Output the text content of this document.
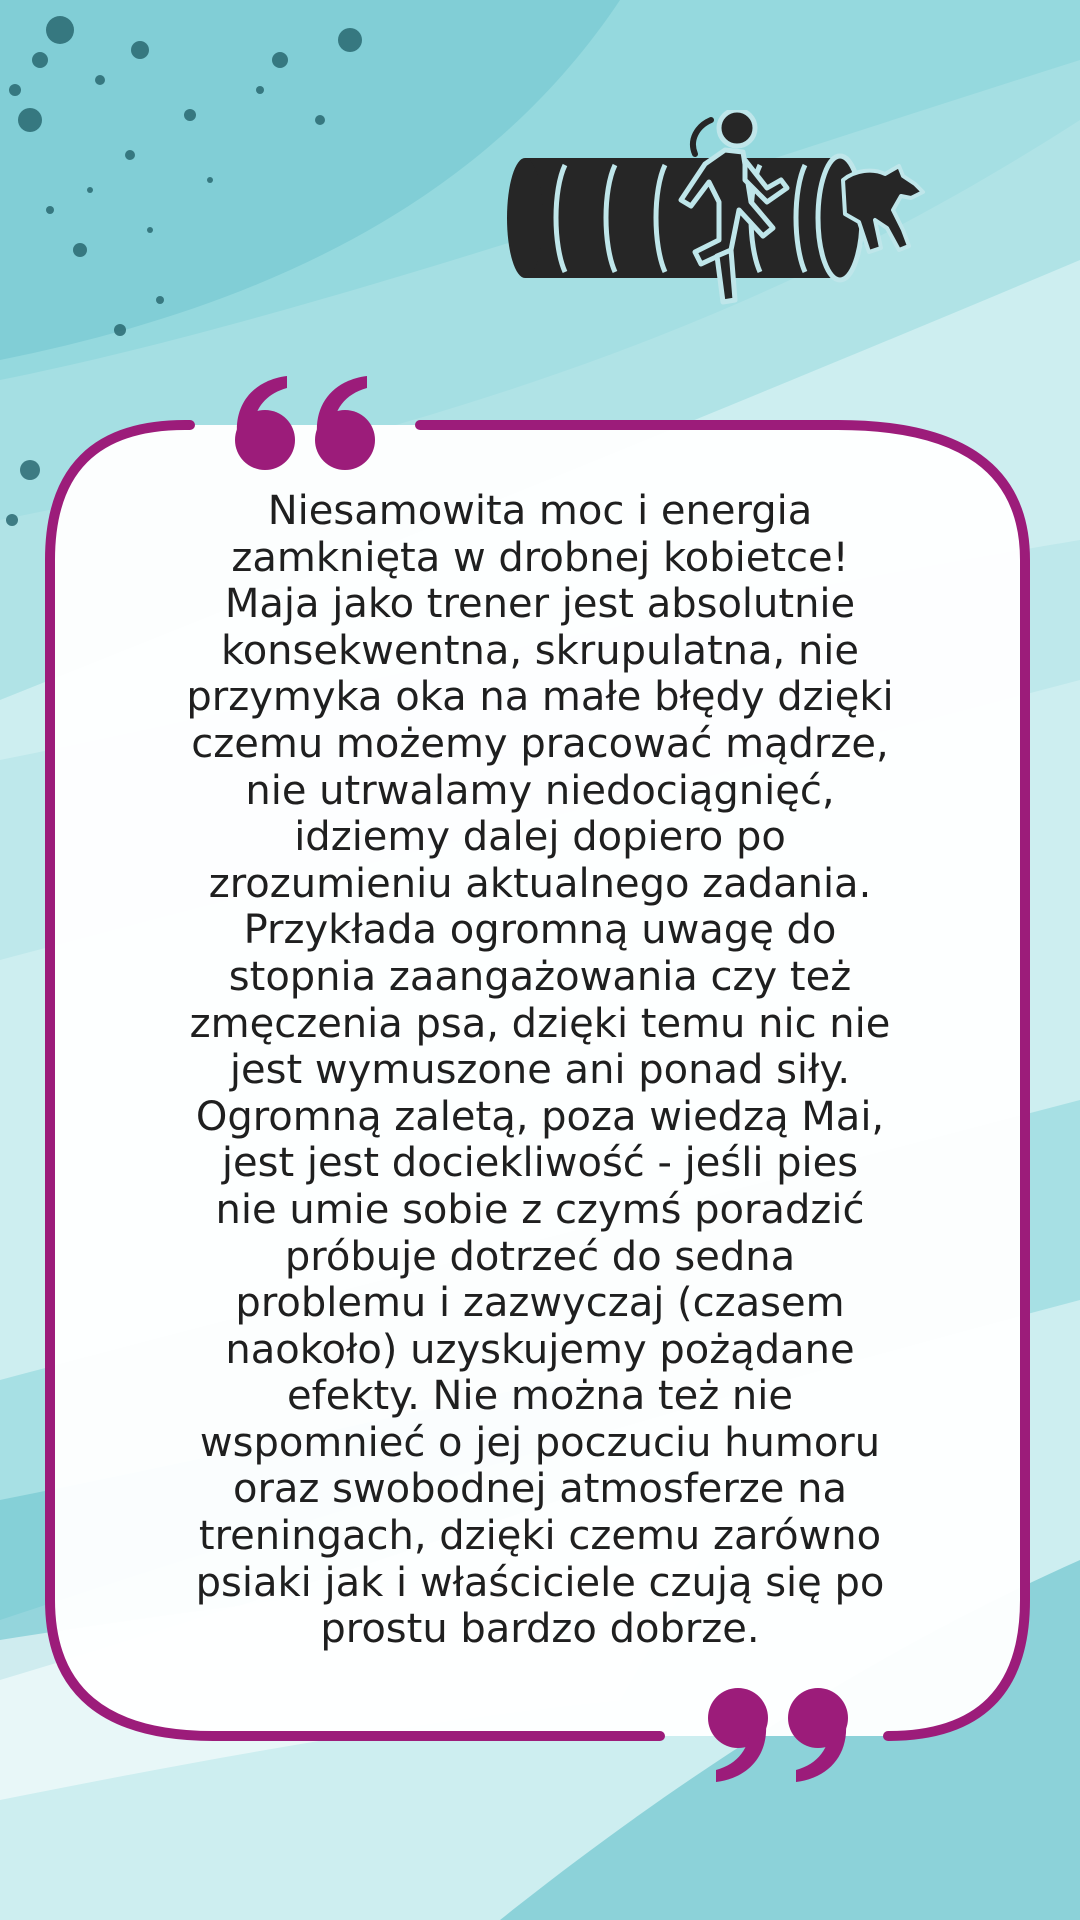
Niesamowita moc i energia
zamknięta w drobnej kobietce!
Maja jako trener jest absolutnie
konsekwentna, skrupulatna, nie
przymyka oka na małe błędy dzięki
czemu możemy pracować mądrze,
nie utrwalamy niedociągnięć,
idziemy dalej dopiero po
zrozumieniu aktualnego zadania.
Przykłada ogromną uwagę do
stopnia zaangażowania czy też
zmęczenia psa, dzięki temu nic nie
jest wymuszone ani ponad siły.
Ogromną zaletą, poza wiedzą Mai,
jest jest dociekliwość - jeśli pies
nie umie sobie z czymś poradzić
próbuje dotrzeć do sedna
problemu i zazwyczaj (czasem
naokoło) uzyskujemy pożądane
efekty. Nie można też nie
wspomnieć o jej poczuciu humoru
oraz swobodnej atmosferze na
treningach, dzięki czemu zarówno
psiaki jak i właściciele czują się po
prostu bardzo dobrze.
